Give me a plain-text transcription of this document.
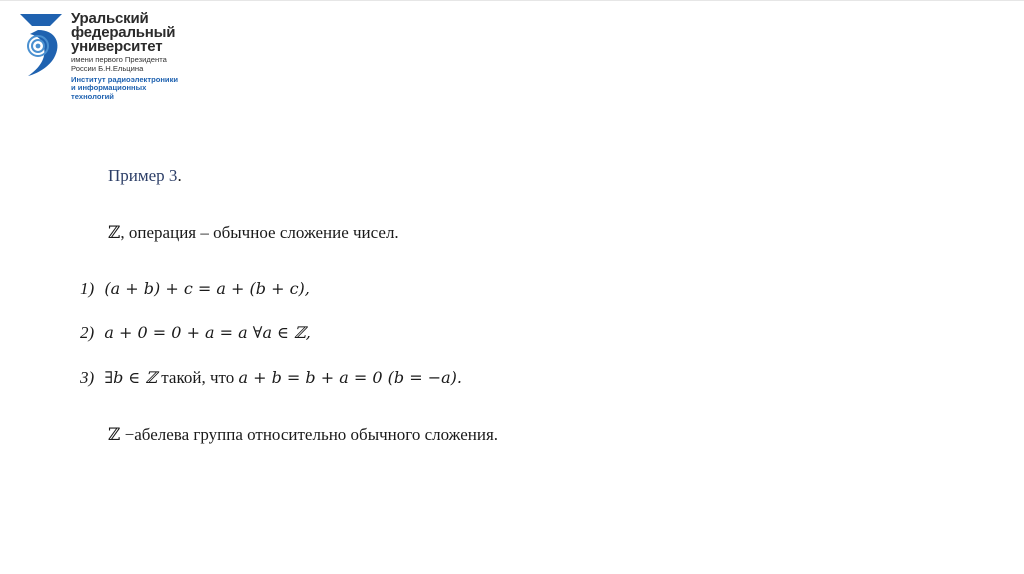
Уральский
федеральный
университет
имени первого Президента
России Б.Н.Ельцина
Институт радиоэлектроники
и информационных
технологий
Пример 3.
ℤ, операция – обычное сложение чисел.
1) (a + b) + c = a + (b + c),
2) a + 0 = 0 + a = a ∀a ∈ ℤ,
3) ∃b ∈ ℤ такой, что a + b = b + a = 0 (b = −a).
ℤ −абелева группа относительно обычного сложения.
